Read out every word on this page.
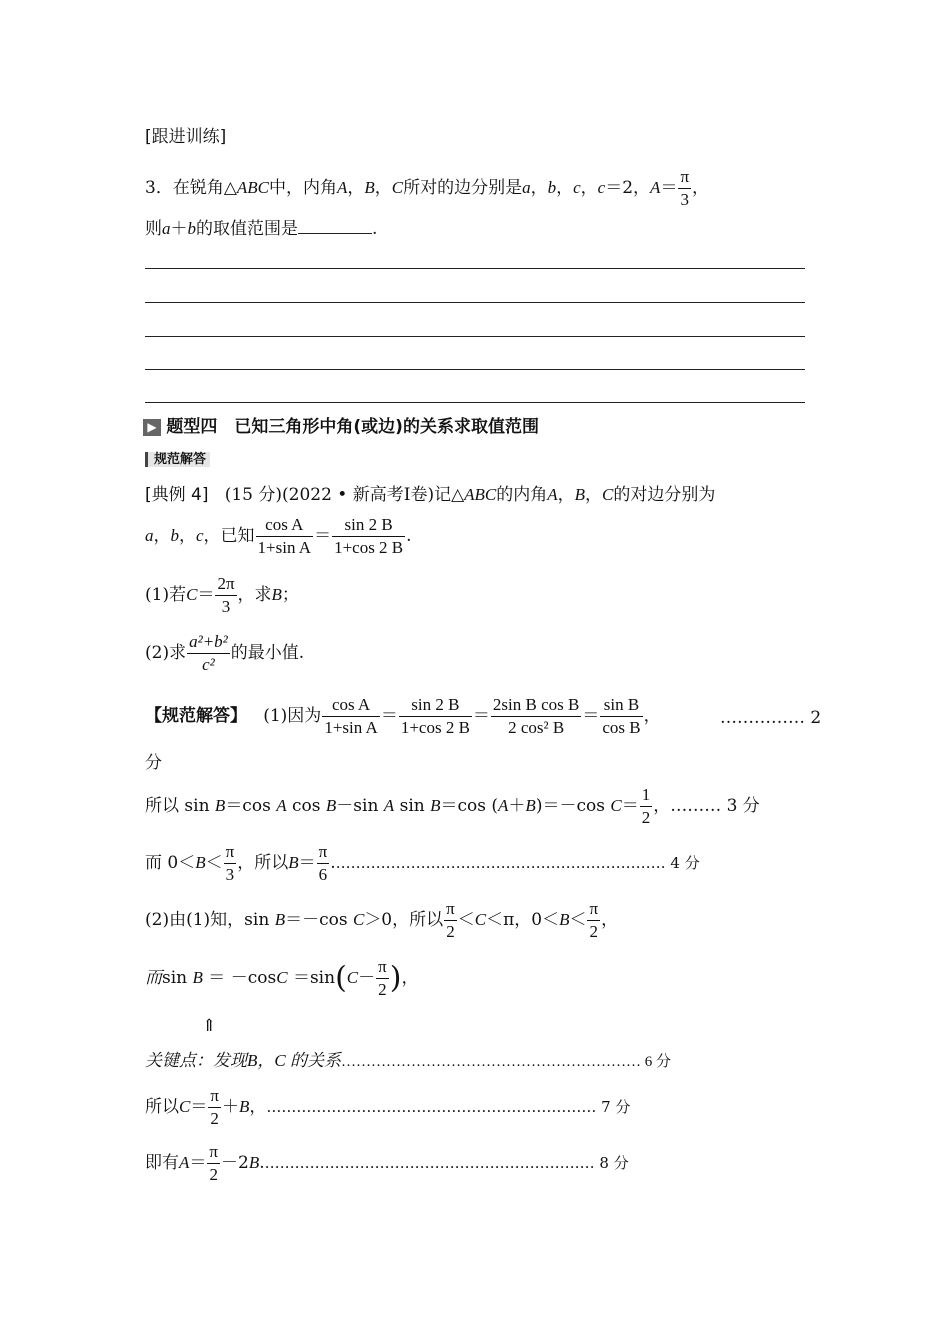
[跟进训练]
3．在锐角△ABC中，内角A，B，C所对的边分别是a，b，c，c＝2，$A= \frac{\pi}{3}$ ，
则a＋b的取值范围是	.
▶ 题型四　已知三角形中角(或边)的关系求取值范围
规范解答
[典例 4] (15 分)(2022 • 新高考Ⅰ卷)记△ABC的内角A，B，C的对边分别为
a，b，c，已知 $\frac{\text{cos A}}{\text{1+sin A}} = \frac{\sin 2 B}{1+\cos 2 B}$ .
(1)若$C= \frac{2\pi}{3}$ ，求B；
(2)求 $\frac{\text{a²+b²}}{\text{c²}}$ 的最小值.
【规范解答】 (1)因为 $\frac{\text{cos A}}{\text{1+sin A}} = \frac{\sin 2 B}{1+\cos 2 B} = \frac{\text{2sin B cos B}}{\text{2 cos² B}} = \frac{\text{sin B}}{\text{cos B}}$ ，	…………… 2
分
所以 sin B＝cos A cos B－sin A sin B＝cos (A＋B)＝－cos $C= \frac{1}{2}$ ，……… 3 分
而 $0<B< \frac{\pi}{3}$ ，所以$B= \frac{\pi}{6}$ .………………………………………………………… 4 分
(2)由(1)知，sin B＝－cos C＞0，所以 $\frac{\pi}{2} <C<\pi$，$0<B< \frac{\pi}{2}$ ，
而$\sin B = -\cos C =\sin(C- \frac{\pi}{2}$ )，
⇑
关键点：发现B，C 的关系…………………………………………………… 6 分
所以$C= \frac{\pi}{2} +B$，………………………………………………………… 7 分
即有$A= \frac{\pi}{2}$ －2B.………………………………………………………… 8 分
